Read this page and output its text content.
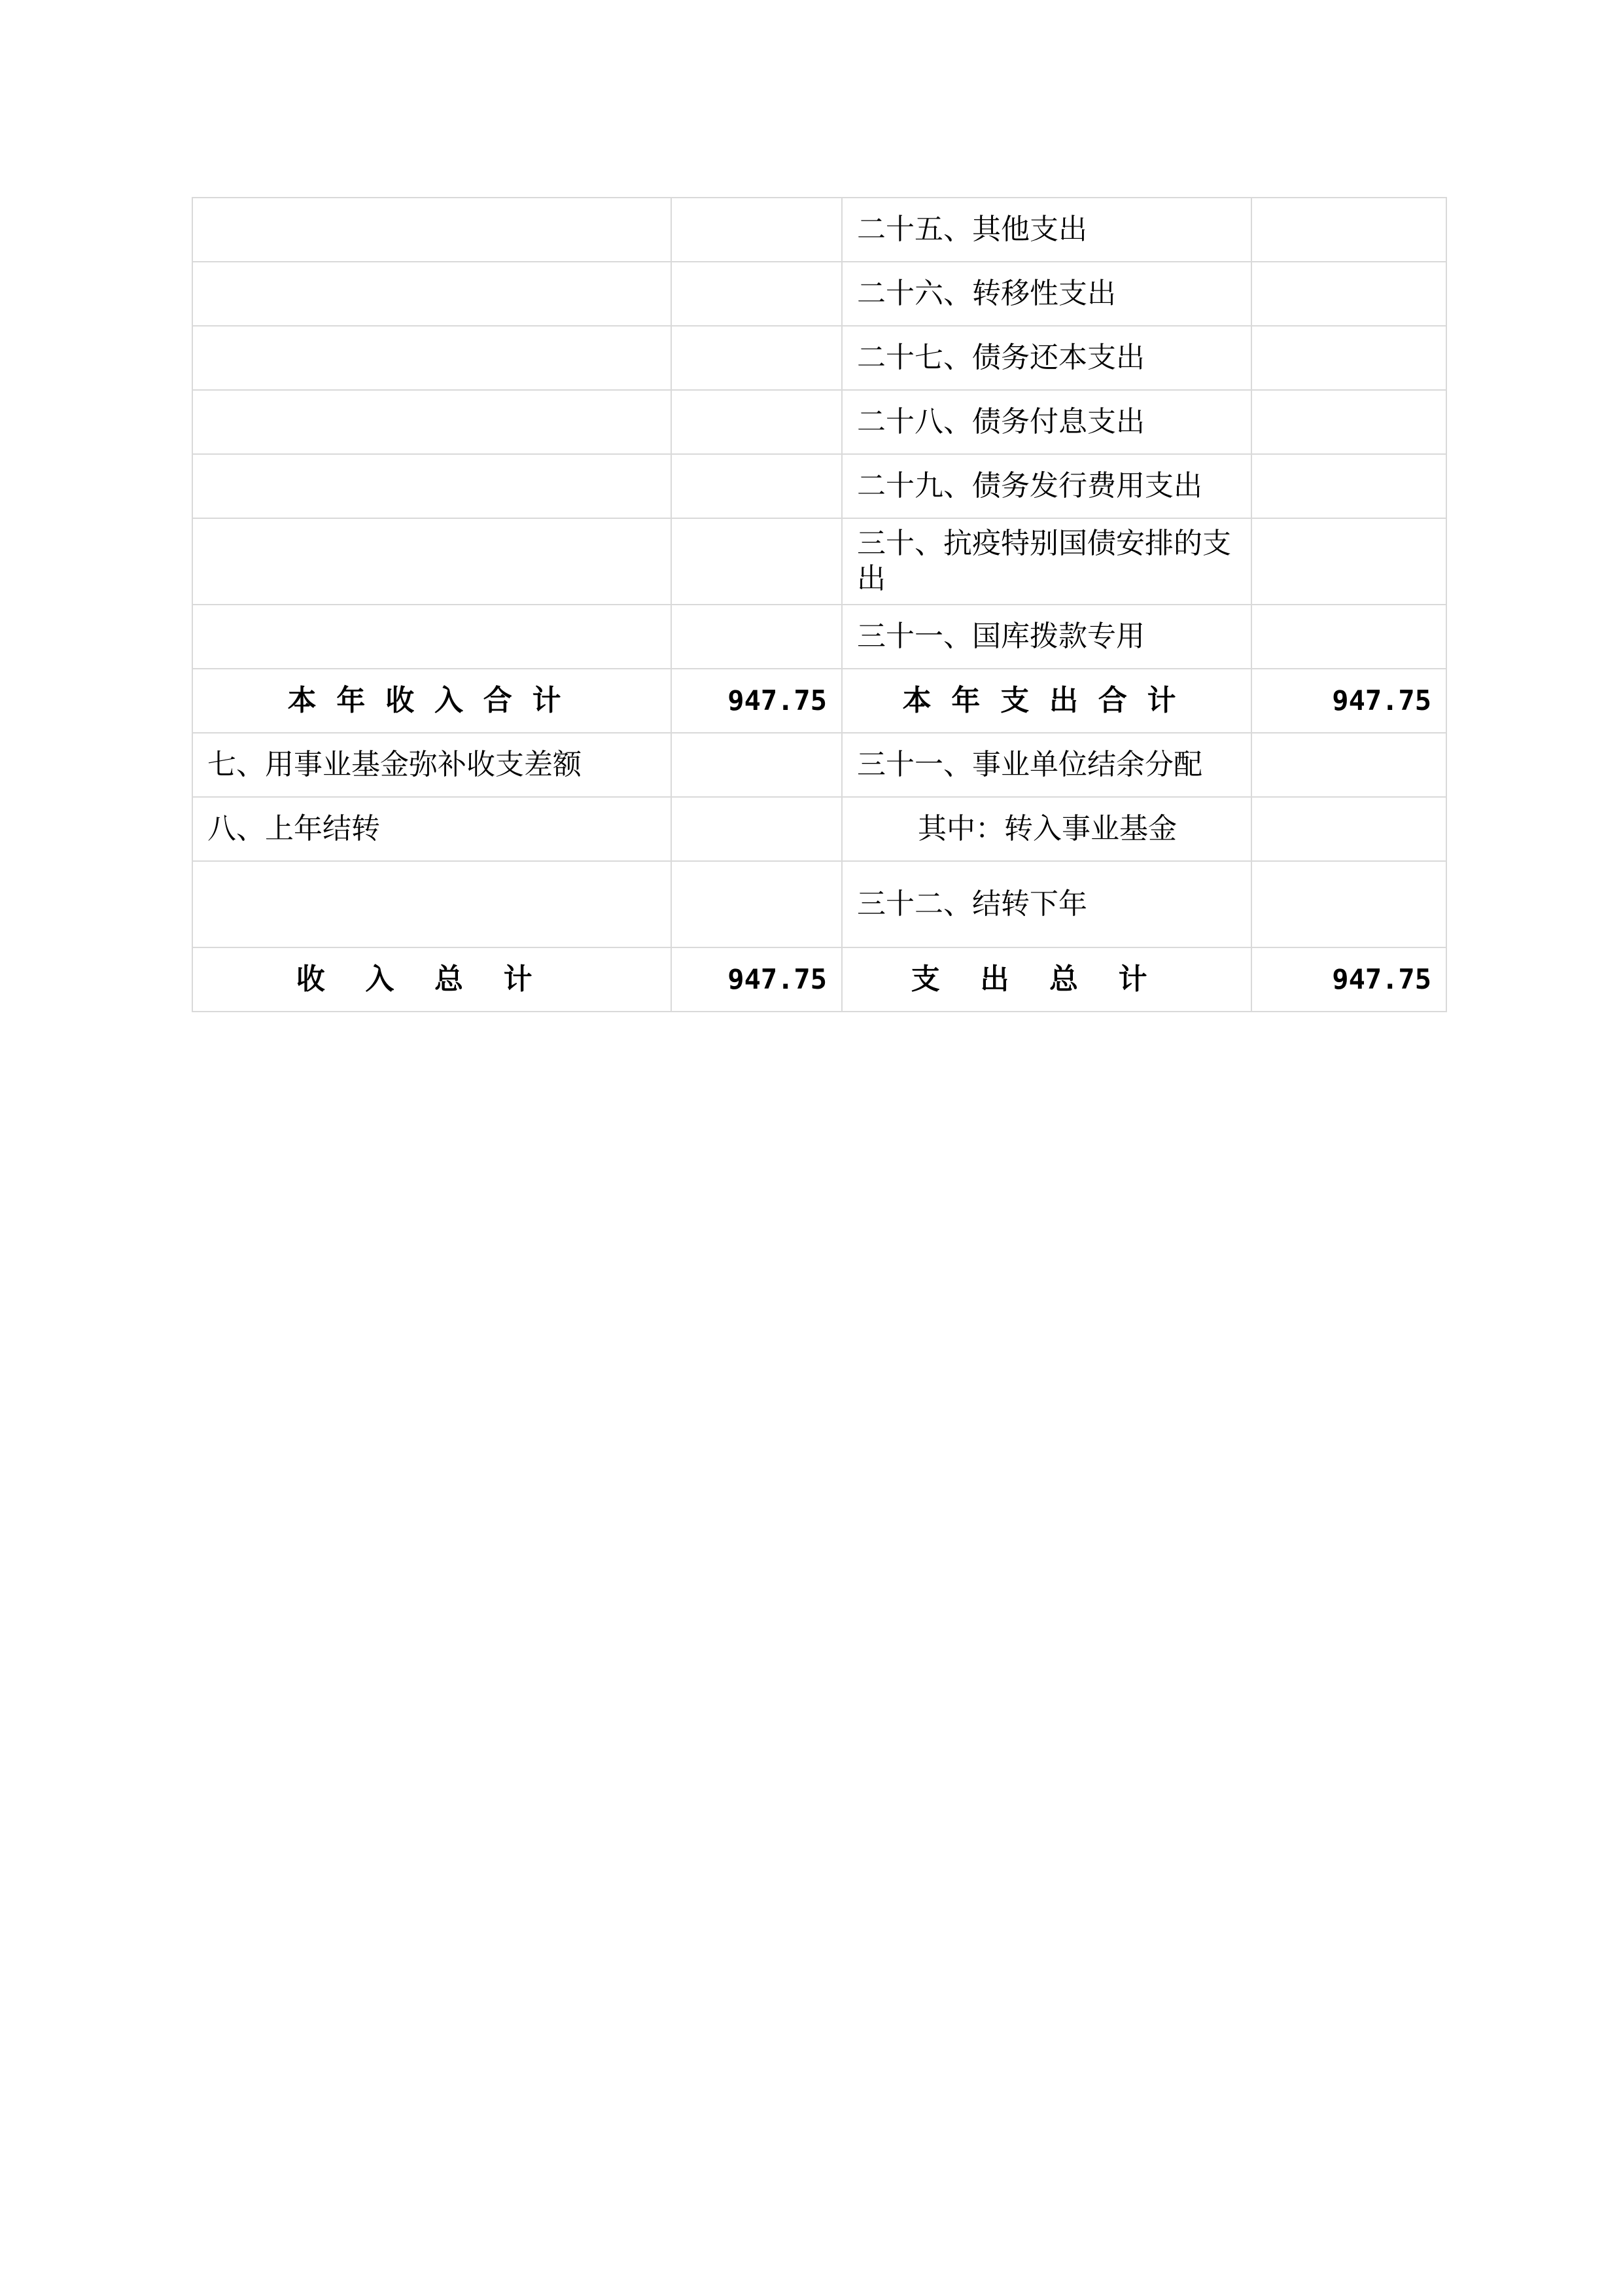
		二十五、其他支出	
		二十六、转移性支出	
		二十七、债务还本支出	
		二十八、债务付息支出	
		二十九、债务发行费用支出	
		三十、抗疫特别国债安排的支出	
		三十一、国库拨款专用	
本年收入合计	947.75	本年支出合计	947.75
七、用事业基金弥补收支差额		三十一、事业单位结余分配	
八、上年结转		其中：转入事业基金	
		三十二、结转下年	
收入总计	947.75	支出总计	947.75
